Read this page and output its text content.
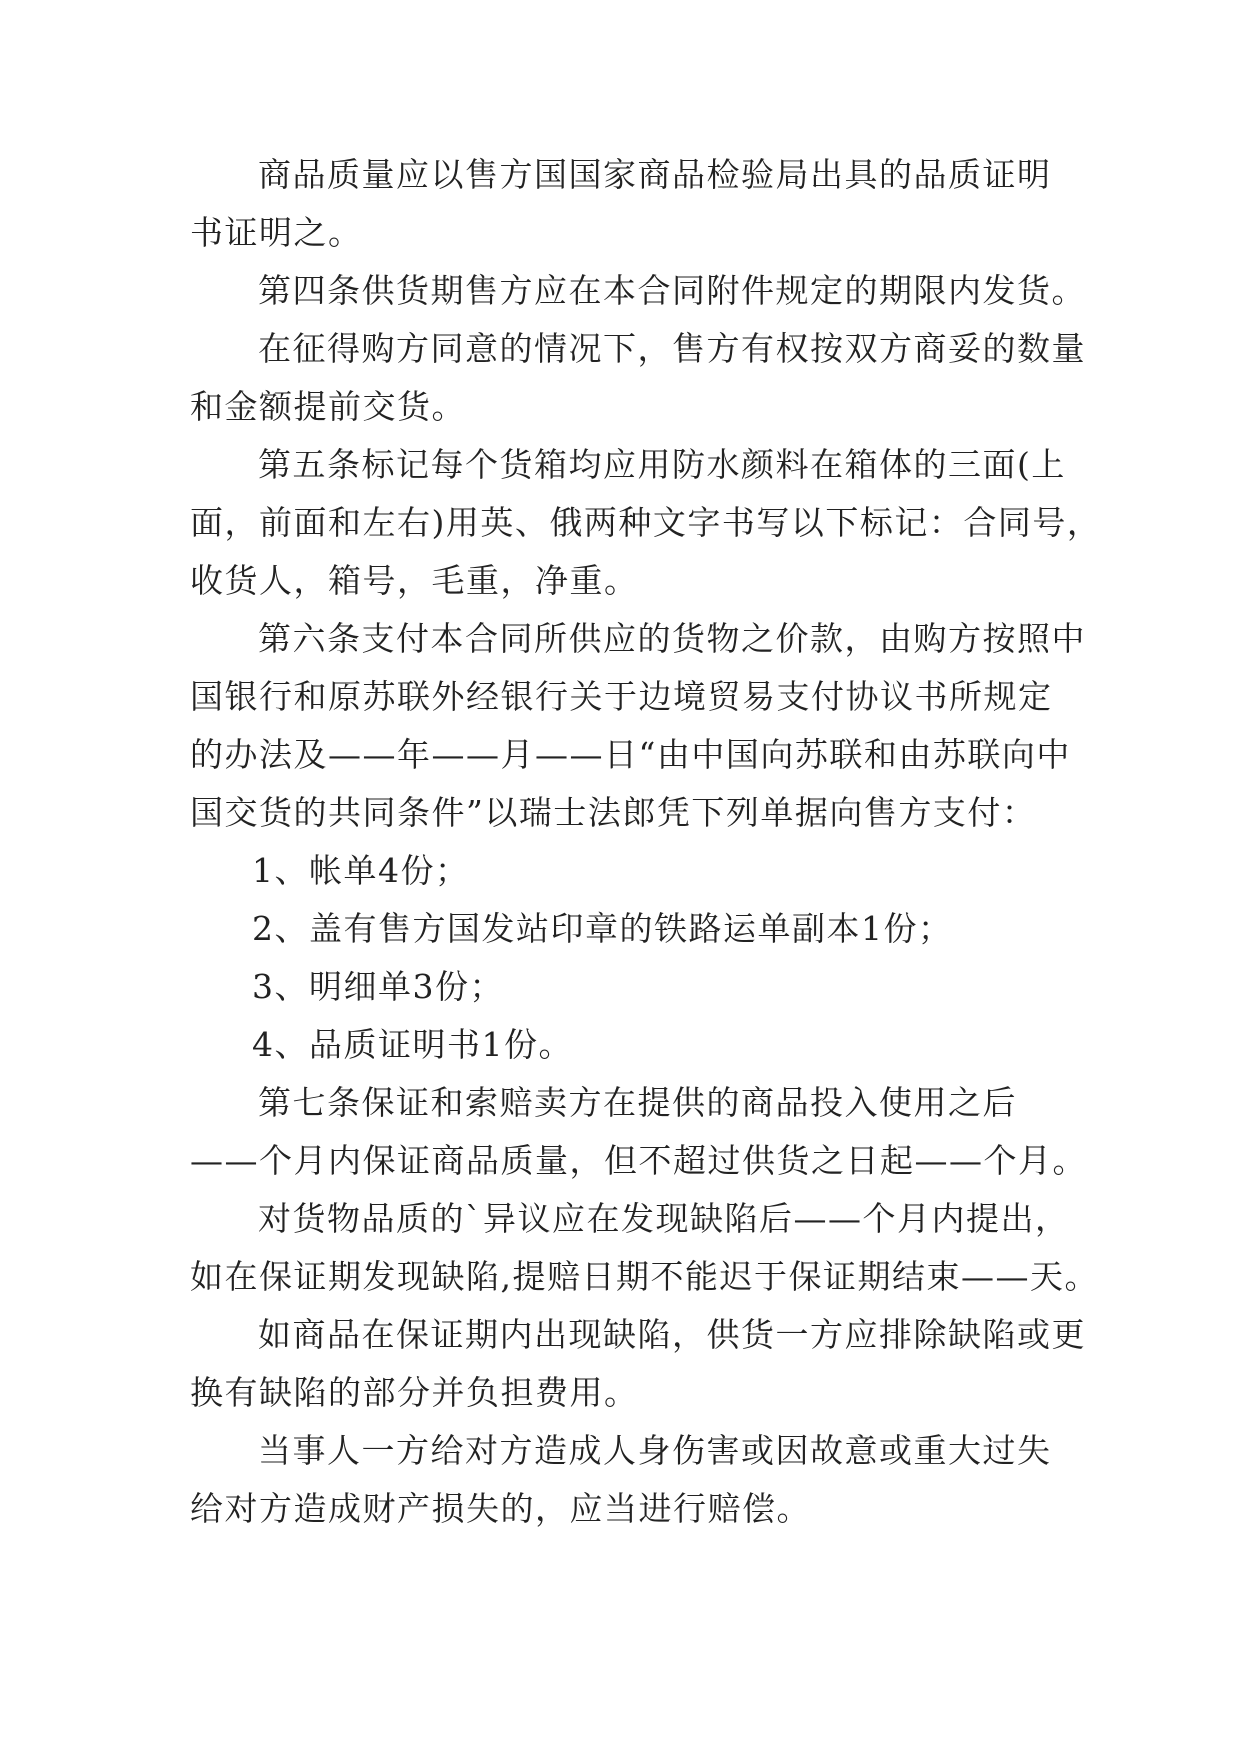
商品质量应以售方国国家商品检验局出具的品质证明
书证明之。

第四条供货期售方应在本合同附件规定的期限内发货。

在征得购方同意的情况下，售方有权按双方商妥的数量
和金额提前交货。

第五条标记每个货箱均应用防水颜料在箱体的三面(上
面，前面和左右)用英、俄两种文字书写以下标记：合同号，
收货人，箱号，毛重，净重。

第六条支付本合同所供应的货物之价款，由购方按照中
国银行和原苏联外经银行关于边境贸易支付协议书所规定
的办法及——年——月——日“由中国向苏联和由苏联向中
国交货的共同条件”以瑞士法郎凭下列单据向售方支付：

1、帐单4份；

2、盖有售方国发站印章的铁路运单副本1份；

3、明细单3份；

4、品质证明书1份。

第七条保证和索赔卖方在提供的商品投入使用之后
——个月内保证商品质量，但不超过供货之日起——个月。

对货物品质的`异议应在发现缺陷后——个月内提出，
如在保证期发现缺陷,提赔日期不能迟于保证期结束——天。

如商品在保证期内出现缺陷，供货一方应排除缺陷或更
换有缺陷的部分并负担费用。

当事人一方给对方造成人身伤害或因故意或重大过失
给对方造成财产损失的，应当进行赔偿。
